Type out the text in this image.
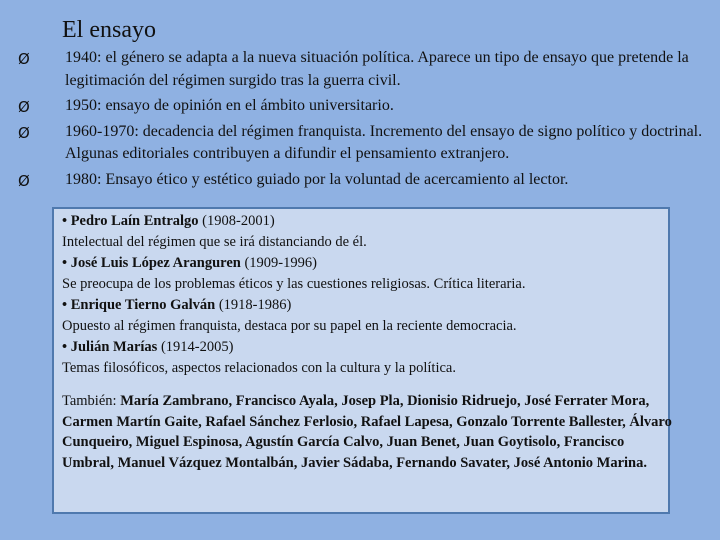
El ensayo
Ø 1940: el género se adapta a la nueva situación política. Aparece un tipo de ensayo que pretende la legitimación del régimen surgido tras la guerra civil.
Ø 1950: ensayo de opinión en el ámbito universitario.
Ø 1960-1970: decadencia del régimen franquista. Incremento del ensayo de signo político y doctrinal. Algunas editoriales contribuyen a difundir el pensamiento extranjero.
Ø 1980: Ensayo ético y estético guiado por la voluntad de acercamiento al lector.

• Pedro Laín Entralgo (1908-2001)

Intelectual del régimen que se irá distanciando de él.

• José Luis López Aranguren (1909-1996)

Se preocupa de los problemas éticos y las cuestiones religiosas. Crítica literaria.

• Enrique Tierno Galván (1918-1986)

Opuesto al régimen franquista, destaca por su papel en la reciente democracia.

• Julián Marías (1914-2005)

Temas filosóficos, aspectos relacionados con la cultura y la política.

También: María Zambrano, Francisco Ayala, Josep Pla, Dionisio Ridruejo, José Ferrater Mora, Carmen Martín Gaite, Rafael Sánchez Ferlosio, Rafael Lapesa, Gonzalo Torrente Ballester, Álvaro Cunqueiro, Miguel Espinosa, Agustín García Calvo, Juan Benet, Juan Goytisolo, Francisco Umbral, Manuel Vázquez Montalbán, Javier Sádaba, Fernando Savater, José Antonio Marina.
